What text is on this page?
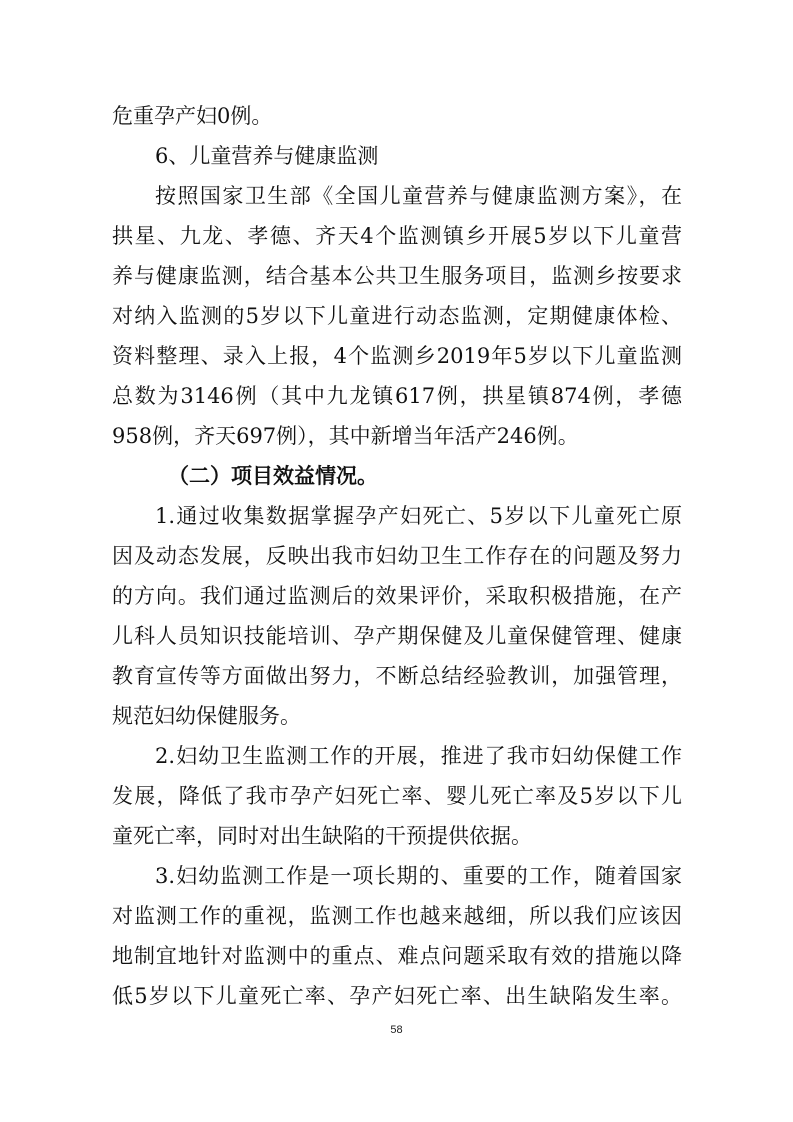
危重孕产妇0例。
6、儿童营养与健康监测
按照国家卫生部《全国儿童营养与健康监测方案》，在
拱星、九龙、孝德、齐天4个监测镇乡开展5岁以下儿童营
养与健康监测，结合基本公共卫生服务项目，监测乡按要求
对纳入监测的5岁以下儿童进行动态监测，定期健康体检、
资料整理、录入上报，4个监测乡2019年5岁以下儿童监测
总数为3146例（其中九龙镇617例，拱星镇874例，孝德
958例，齐天697例），其中新增当年活产246例。
（二）项目效益情况。
1.通过收集数据掌握孕产妇死亡、5岁以下儿童死亡原
因及动态发展，反映出我市妇幼卫生工作存在的问题及努力
的方向。我们通过监测后的效果评价，采取积极措施，在产
儿科人员知识技能培训、孕产期保健及儿童保健管理、健康
教育宣传等方面做出努力，不断总结经验教训，加强管理，
规范妇幼保健服务。
2.妇幼卫生监测工作的开展，推进了我市妇幼保健工作
发展，降低了我市孕产妇死亡率、婴儿死亡率及5岁以下儿
童死亡率，同时对出生缺陷的干预提供依据。
3.妇幼监测工作是一项长期的、重要的工作，随着国家
对监测工作的重视，监测工作也越来越细，所以我们应该因
地制宜地针对监测中的重点、难点问题采取有效的措施以降
低5岁以下儿童死亡率、孕产妇死亡率、出生缺陷发生率。
58
